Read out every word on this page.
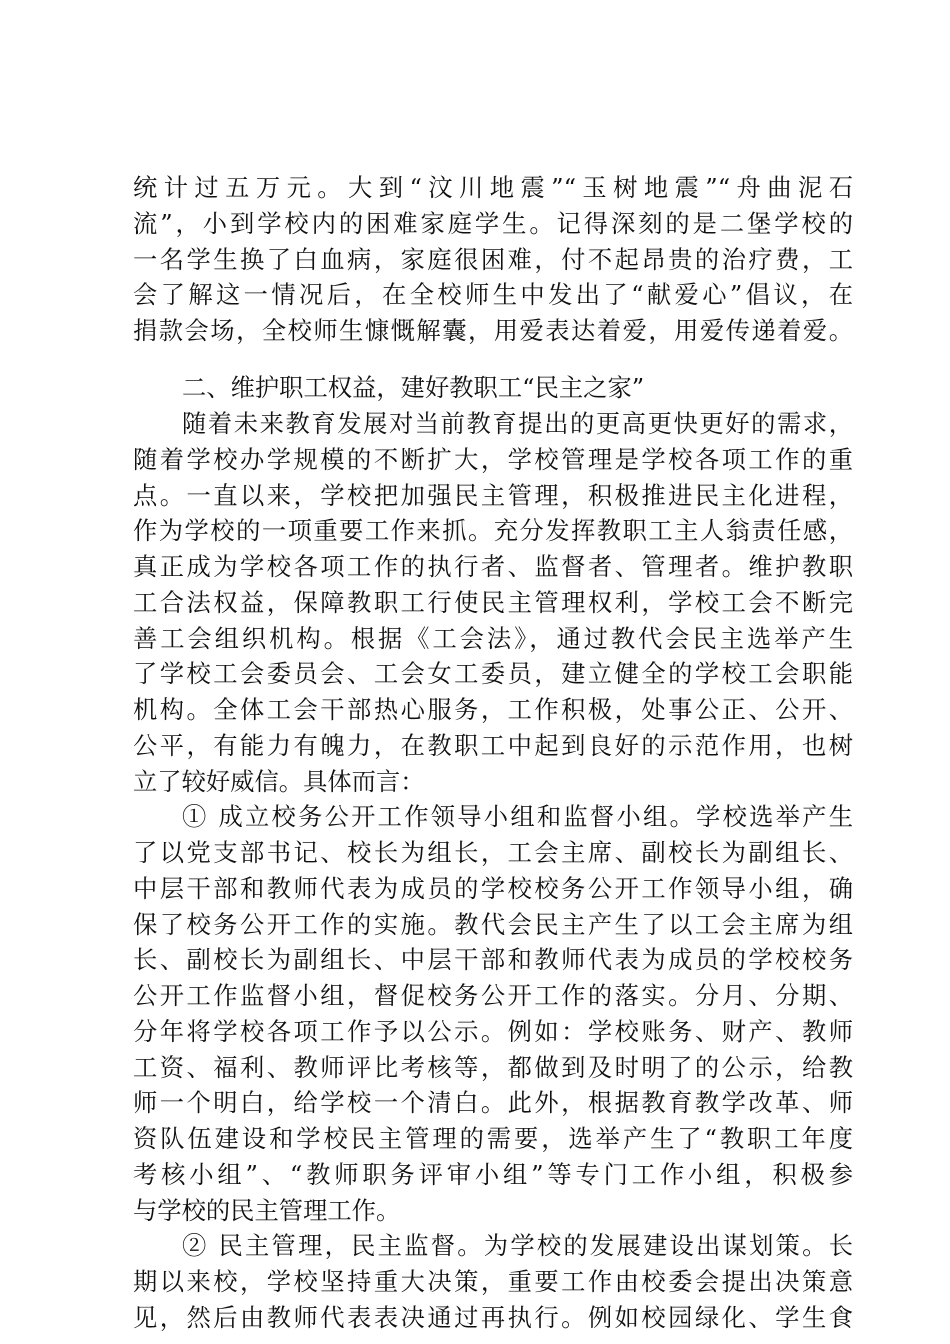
统计过五万元。大到“汶川地震”“玉树地震”“舟曲泥石
流”，小到学校内的困难家庭学生。记得深刻的是二堡学校的
一名学生换了白血病，家庭很困难，付不起昂贵的治疗费，工
会了解这一情况后，在全校师生中发出了“献爱心”倡议，在
捐款会场，全校师生慷慨解囊，用爱表达着爱，用爱传递着爱。
二、维护职工权益，建好教职工“民主之家”
随着未来教育发展对当前教育提出的更高更快更好的需求，
随着学校办学规模的不断扩大，学校管理是学校各项工作的重
点。一直以来，学校把加强民主管理，积极推进民主化进程，
作为学校的一项重要工作来抓。充分发挥教职工主人翁责任感，
真正成为学校各项工作的执行者、监督者、管理者。维护教职
工合法权益，保障教职工行使民主管理权利，学校工会不断完
善工会组织机构。根据《工会法》，通过教代会民主选举产生
了学校工会委员会、工会女工委员，建立健全的学校工会职能
机构。全体工会干部热心服务，工作积极，处事公正、公开、
公平，有能力有魄力，在教职工中起到良好的示范作用，也树
立了较好威信。具体而言：
① 成立校务公开工作领导小组和监督小组。学校选举产生
了以党支部书记、校长为组长，工会主席、副校长为副组长、
中层干部和教师代表为成员的学校校务公开工作领导小组，确
保了校务公开工作的实施。教代会民主产生了以工会主席为组
长、副校长为副组长、中层干部和教师代表为成员的学校校务
公开工作监督小组，督促校务公开工作的落实。分月、分期、
分年将学校各项工作予以公示。例如：学校账务、财产、教师
工资、福利、教师评比考核等，都做到及时明了的公示，给教
师一个明白，给学校一个清白。此外，根据教育教学改革、师
资队伍建设和学校民主管理的需要，选举产生了“教职工年度
考核小组”、“教师职务评审小组”等专门工作小组，积极参
与学校的民主管理工作。
② 民主管理，民主监督。为学校的发展建设出谋划策。长
期以来校，学校坚持重大决策，重要工作由校委会提出决策意
见，然后由教师代表表决通过再执行。例如校园绿化、学生食
